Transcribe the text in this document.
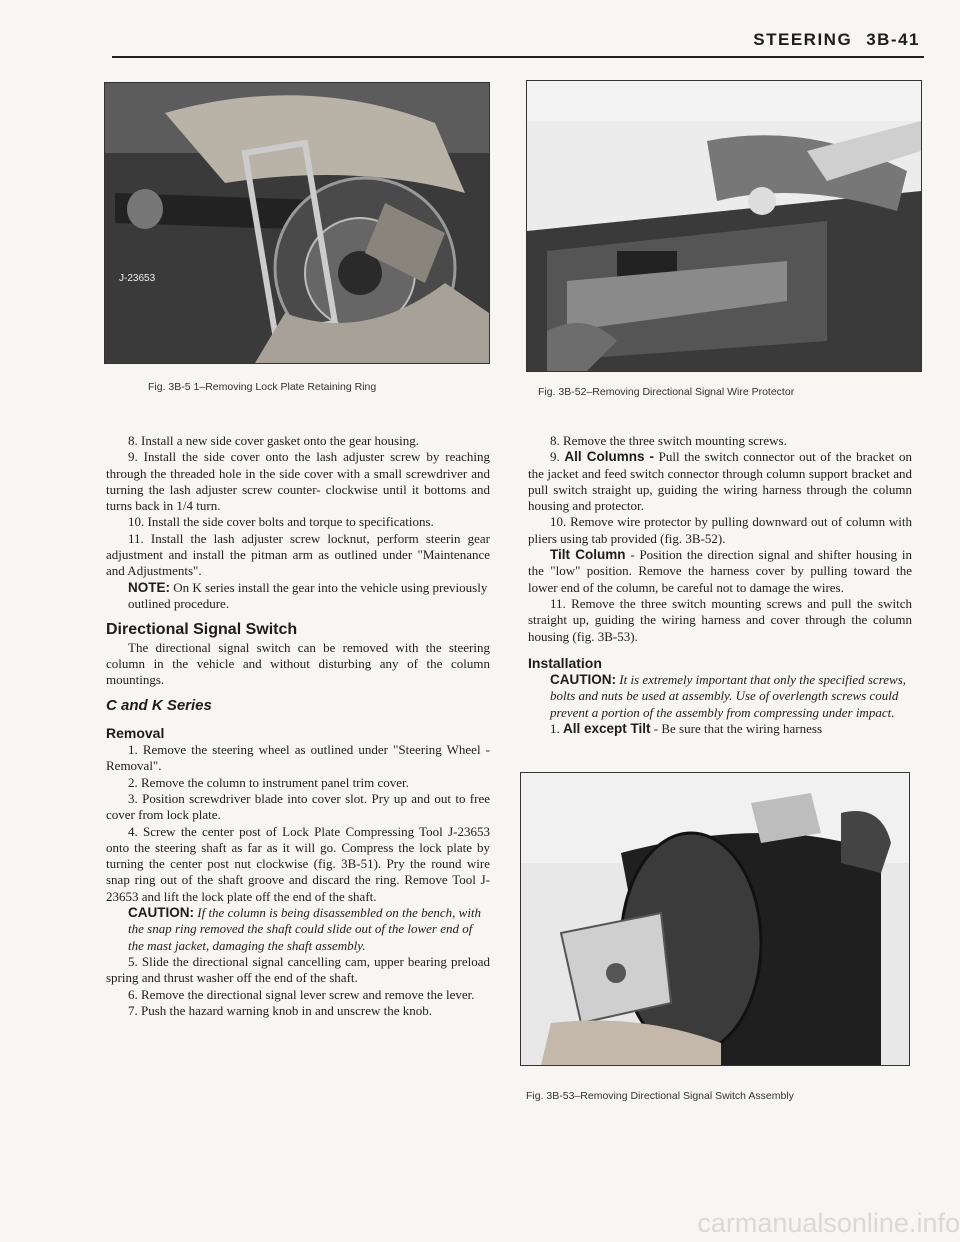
STEERING 3B-41
J-23653
Fig. 3B-5 1–Removing Lock Plate Retaining Ring	Fig. 3B-52–Removing Directional Signal Wire Protector
Fig. 3B-53–Removing Directional Signal Switch Assembly

8. Install a new side cover gasket onto the gear housing.

9. Install the side cover onto the lash adjuster screw by reaching through the threaded hole in the side cover with a small screwdriver and turning the lash adjuster screw counter- clockwise until it bottoms and turns back in 1/4 turn.

10. Install the side cover bolts and torque to specifications.

11. Install the lash adjuster screw locknut, perform steerin gear adjustment and install the pitman arm as outlined under "Maintenance and Adjustments".

NOTE: On K series install the gear into the vehicle using previously outlined procedure.

Directional Signal Switch

The directional signal switch can be removed with the steering column in the vehicle and without disturbing any of the column mountings.

C and K Series
Removal

1. Remove the steering wheel as outlined under "Steering Wheel - Removal".

2. Remove the column to instrument panel trim cover.

3. Position screwdriver blade into cover slot. Pry up and out to free cover from lock plate.

4. Screw the center post of Lock Plate Compressing Tool J-23653 onto the steering shaft as far as it will go. Compress the lock plate by turning the center post nut clockwise (fig. 3B-51). Pry the round wire snap ring out of the shaft groove and discard the ring. Remove Tool J-23653 and lift the lock plate off the end of the shaft.

CAUTION: If the column is being disassembled on the bench, with the snap ring removed the shaft could slide out of the lower end of the mast jacket, damaging the shaft assembly.

5. Slide the directional signal cancelling cam, upper bearing preload spring and thrust washer off the end of the shaft.

6. Remove the directional signal lever screw and remove the lever.

7. Push the hazard warning knob in and unscrew the knob.

8. Remove the three switch mounting screws.

9. All Columns - Pull the switch connector out of the bracket on the jacket and feed switch connector through column support bracket and pull switch straight up, guiding the wiring harness through the column housing and protector.

10. Remove wire protector by pulling downward out of column with pliers using tab provided (fig. 3B-52).

Tilt Column - Position the direction signal and shifter housing in the "low" position. Remove the harness cover by pulling toward the lower end of the column, be careful not to damage the wires.

11. Remove the three switch mounting screws and pull the switch straight up, guiding the wiring harness and cover through the column housing (fig. 3B-53).

Installation

CAUTION: It is extremely important that only the specified screws, bolts and nuts be used at assembly. Use of overlength screws could prevent a portion of the assembly from compressing under impact.

1. All except Tilt - Be sure that the wiring harness

carmanualsonline.info
